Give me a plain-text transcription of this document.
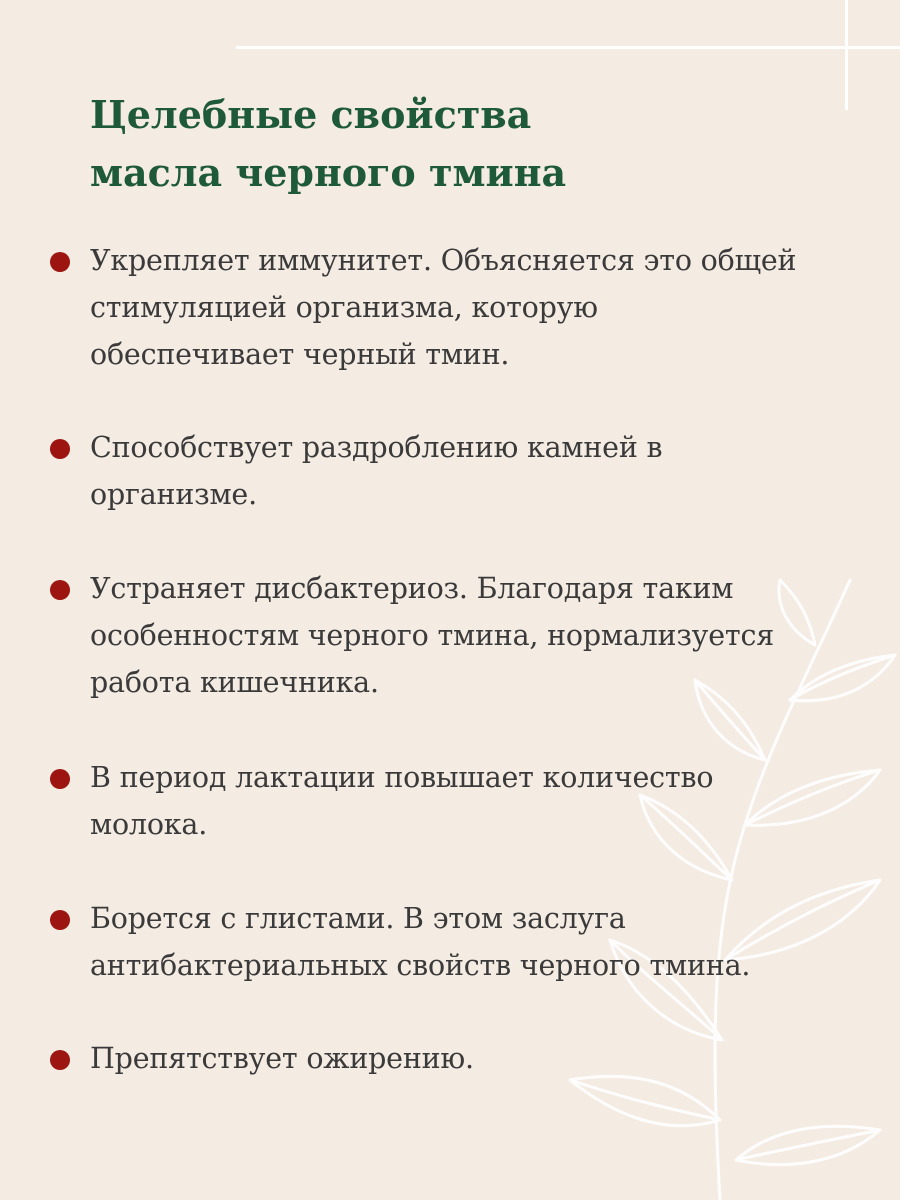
Целебные свойства
масла черного тмина
Укрепляет иммунитет. Объясняется это общей
стимуляцией организма, которую
обеспечивает черный тмин.
Способствует раздроблению камней в
организме.
Устраняет дисбактериоз. Благодаря таким
особенностям черного тмина, нормализуется
работа кишечника.
В период лактации повышает количество
молока.
Борется с глистами. В этом заслуга
антибактериальных свойств черного тмина.
Препятствует ожирению.
